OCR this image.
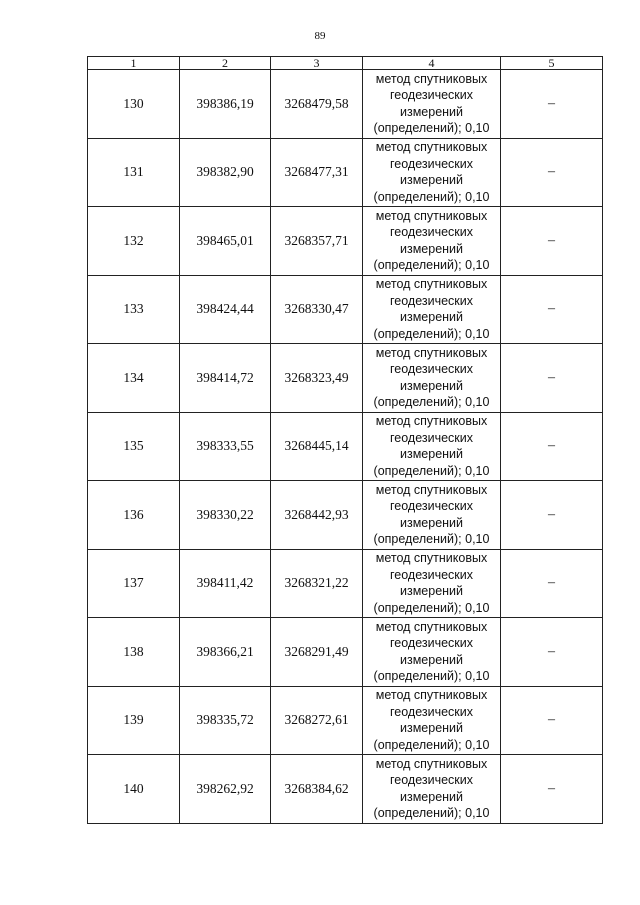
89
1	2	3	4	5
130	398386,19	3268479,58	метод спутниковых геодезических измерений (определений); 0,10	–
131	398382,90	3268477,31	метод спутниковых геодезических измерений (определений); 0,10	–
132	398465,01	3268357,71	метод спутниковых геодезических измерений (определений); 0,10	–
133	398424,44	3268330,47	метод спутниковых геодезических измерений (определений); 0,10	–
134	398414,72	3268323,49	метод спутниковых геодезических измерений (определений); 0,10	–
135	398333,55	3268445,14	метод спутниковых геодезических измерений (определений); 0,10	–
136	398330,22	3268442,93	метод спутниковых геодезических измерений (определений); 0,10	–
137	398411,42	3268321,22	метод спутниковых геодезических измерений (определений); 0,10	–
138	398366,21	3268291,49	метод спутниковых геодезических измерений (определений); 0,10	–
139	398335,72	3268272,61	метод спутниковых геодезических измерений (определений); 0,10	–
140	398262,92	3268384,62	метод спутниковых геодезических измерений (определений); 0,10	–
